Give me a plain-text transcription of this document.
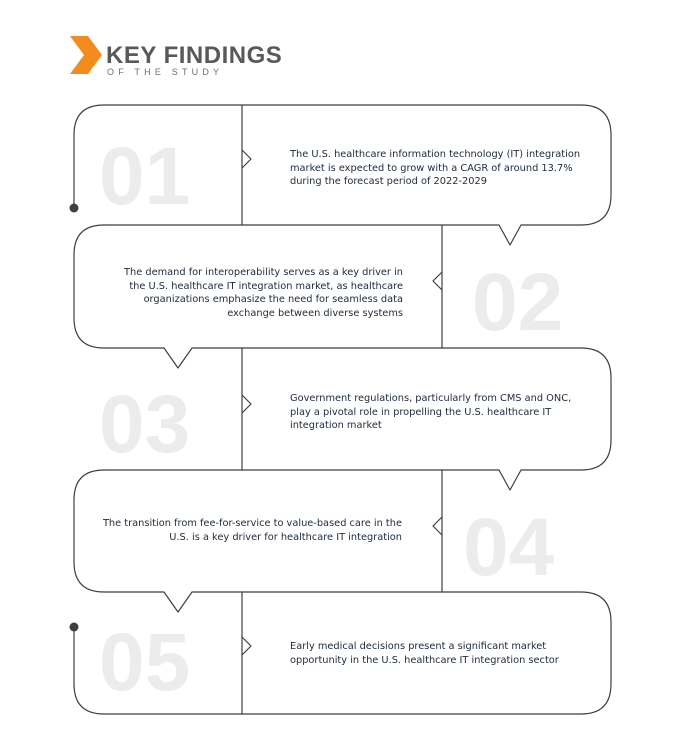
KEY FINDINGS
OF THE STUDY
01
02
03
04
05
The U.S. healthcare information technology (IT) integration market is expected to grow with a CAGR of around 13.7% during the forecast period of 2022-2029
The demand for interoperability serves as a key driver in the U.S. healthcare IT integration market, as healthcare organizations emphasize the need for seamless data exchange between diverse systems
Government regulations, particularly from CMS and ONC, play a pivotal role in propelling the U.S. healthcare IT integration market
The transition from fee-for-service to value-based care in the U.S. is a key driver for healthcare IT integration
Early medical decisions present a significant market opportunity in the U.S. healthcare IT integration sector
